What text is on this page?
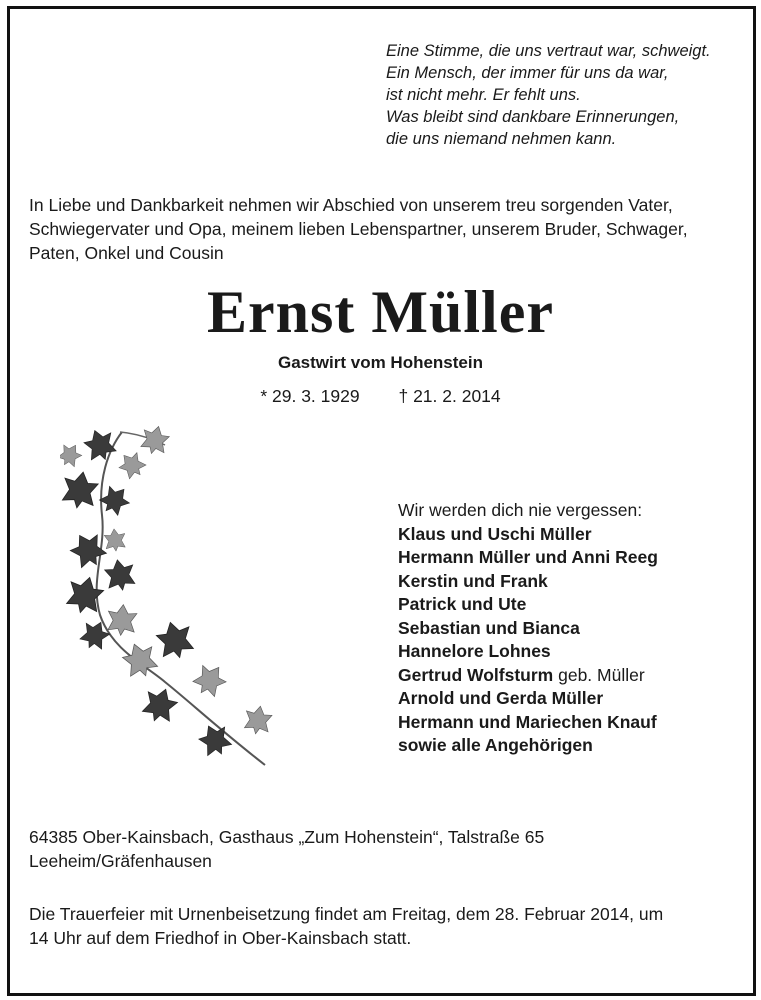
Eine Stimme, die uns vertraut war, schweigt.
Ein Mensch, der immer für uns da war,
ist nicht mehr. Er fehlt uns.
Was bleibt sind dankbare Erinnerungen,
die uns niemand nehmen kann.
In Liebe und Dankbarkeit nehmen wir Abschied von unserem treu sorgenden Vater,
Schwiegervater und Opa, meinem lieben Lebenspartner, unserem Bruder, Schwager,
Paten, Onkel und Cousin
Ernst Müller
Gastwirt vom Hohenstein
* 29. 3. 1929        † 21. 2. 2014
Wir werden dich nie vergessen:
Klaus und Uschi Müller
Hermann Müller und Anni Reeg
Kerstin und Frank
Patrick und Ute
Sebastian und Bianca
Hannelore Lohnes
Gertrud Wolfsturm geb. Müller
Arnold und Gerda Müller
Hermann und Mariechen Knauf
sowie alle Angehörigen
64385 Ober-Kainsbach, Gasthaus „Zum Hohenstein“, Talstraße 65
Leeheim/Gräfenhausen
Die Trauerfeier mit Urnenbeisetzung findet am Freitag, dem 28. Februar 2014, um
14 Uhr auf dem Friedhof in Ober-Kainsbach statt.
